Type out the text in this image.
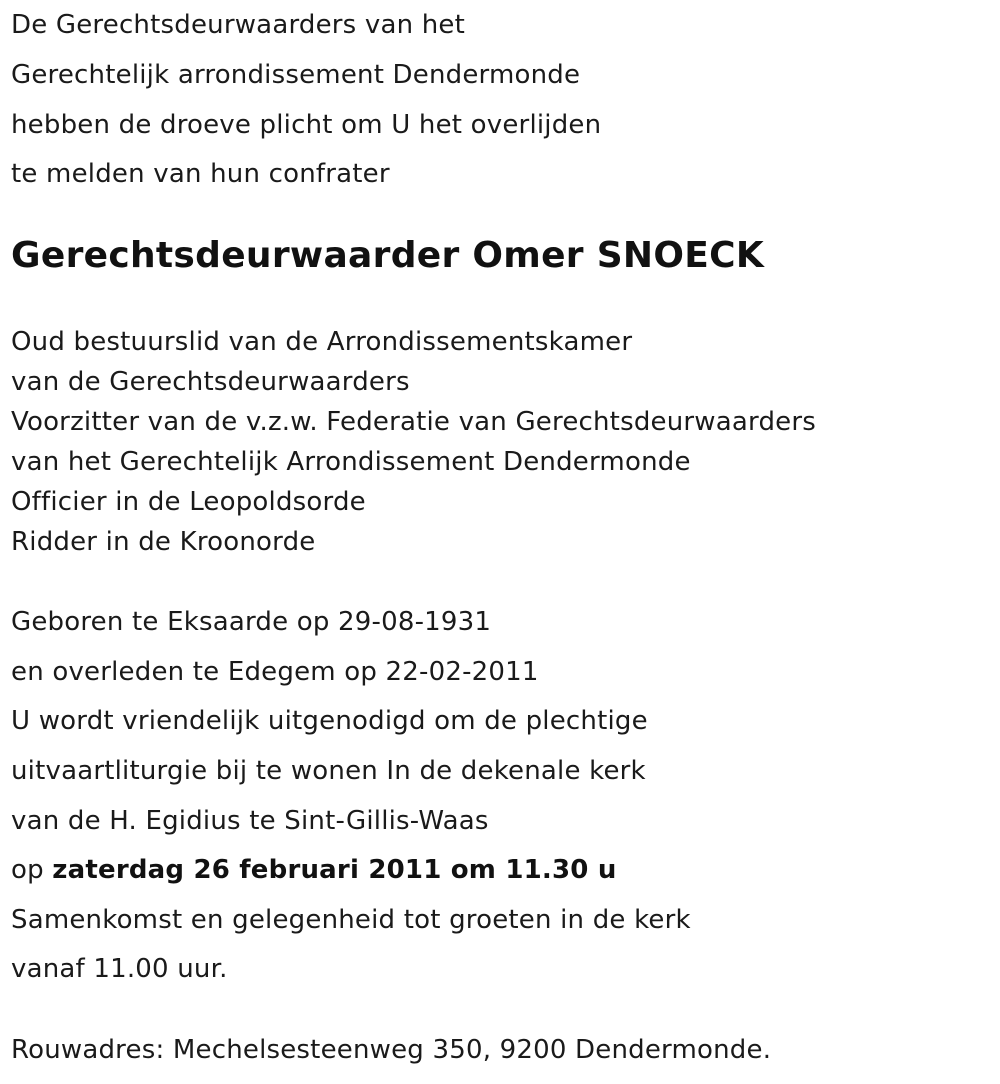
De Gerechtsdeurwaarders van het
Gerechtelijk arrondissement Dendermonde
hebben de droeve plicht om U het overlijden
te melden van hun confrater
Gerechtsdeurwaarder Omer SNOECK
Oud bestuurslid van de Arrondissementskamer
van de Gerechtsdeurwaarders
Voorzitter van de v.z.w. Federatie van Gerechtsdeurwaarders
van het Gerechtelijk Arrondissement Dendermonde
Officier in de Leopoldsorde
Ridder in de Kroonorde
Geboren te Eksaarde op 29-08-1931
en overleden te Edegem op 22-02-2011
U wordt vriendelijk uitgenodigd om de plechtige
uitvaartliturgie bij te wonen In de dekenale kerk
van de H. Egidius te Sint-Gillis-Waas
op zaterdag 26 februari 2011 om 11.30 u
Samenkomst en gelegenheid tot groeten in de kerk
vanaf 11.00 uur.
Rouwadres: Mechelsesteenweg 350, 9200 Dendermonde.
